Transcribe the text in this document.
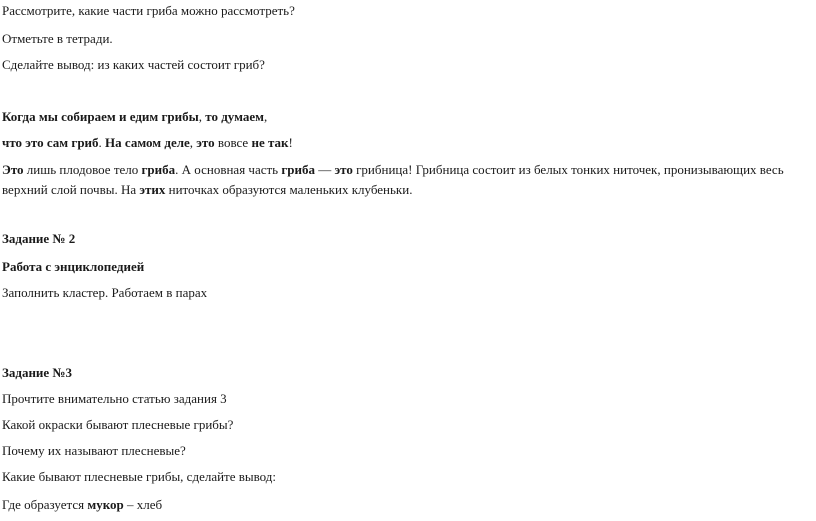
Рассмотрите, какие части гриба можно рассмотреть?
Отметьте в тетради.
Сделайте вывод: из каких частей состоит гриб?
Когда мы собираем и едим грибы, то думаем,
что это сам гриб. На самом деле, это вовсе не так!
Это лишь плодовое тело гриба. А основная часть гриба — это грибница! Грибница состоит из белых тонких ниточек, пронизывающих весь верхний слой почвы. На этих ниточках образуются маленьких клубеньки.
Задание № 2
Работа с энциклопедией
Заполнить кластер. Работаем в парах
Задание №3
Прочтите внимательно статью задания 3
Какой окраски бывают плесневые грибы?
Почему их называют плесневые?
Какие бывают плесневые грибы, сделайте вывод:
Где образуется мукор – хлеб
